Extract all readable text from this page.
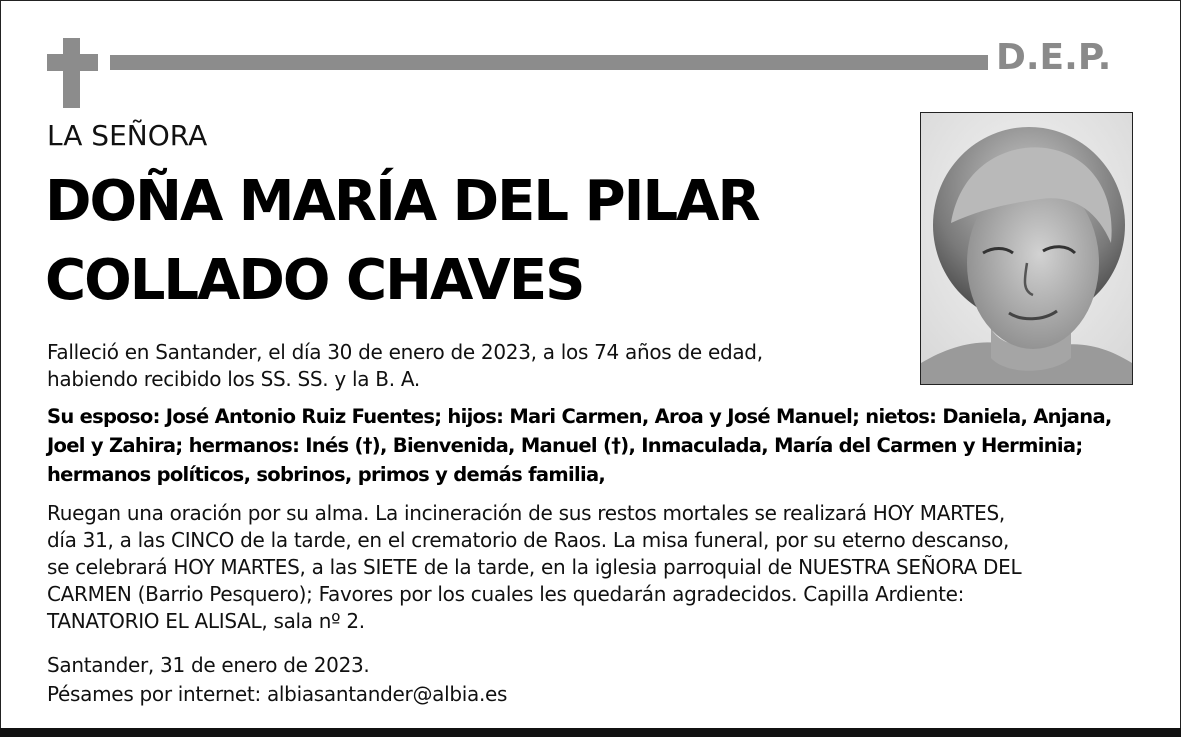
D.E.P.
LA SEÑORA
DOÑA MARÍA DEL PILAR
COLLADO CHAVES
Falleció en Santander, el día 30 de enero de 2023, a los 74 años de edad,
habiendo recibido los SS. SS. y la B. A.
Su esposo: José Antonio Ruiz Fuentes; hijos: Mari Carmen, Aroa y José Manuel; nietos: Daniela, Anjana,
Joel y Zahira; hermanos: Inés (†), Bienvenida, Manuel (†), Inmaculada, María del Carmen y Herminia;
hermanos políticos, sobrinos, primos y demás familia,
Ruegan una oración por su alma. La incineración de sus restos mortales se realizará HOY MARTES,
día 31, a las CINCO de la tarde, en el crematorio de Raos. La misa funeral, por su eterno descanso,
se celebrará HOY MARTES, a las SIETE de la tarde, en la iglesia parroquial de NUESTRA SEÑORA DEL
CARMEN (Barrio Pesquero); Favores por los cuales les quedarán agradecidos. Capilla Ardiente:
TANATORIO EL ALISAL, sala nº 2.
Santander, 31 de enero de 2023.
Pésames por internet: albiasantander@albia.es
